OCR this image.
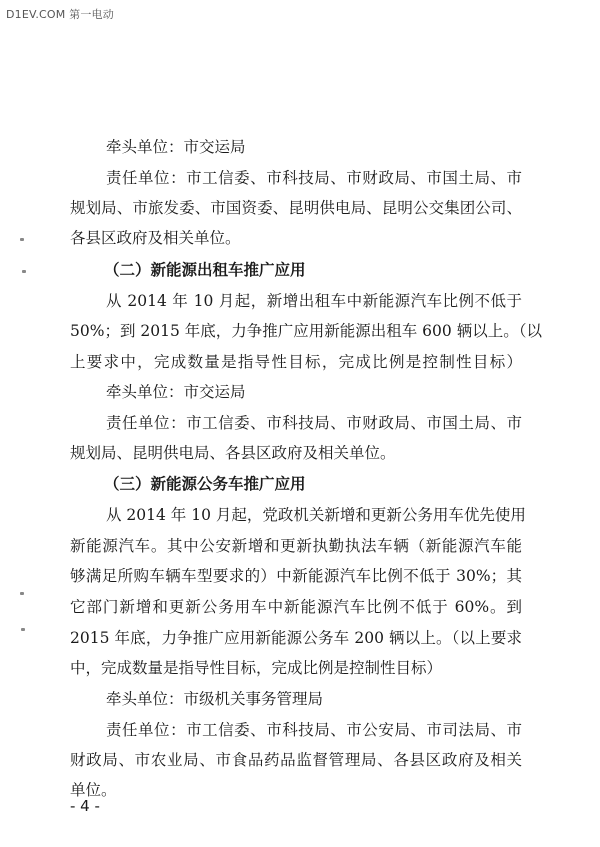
D1EV.COM 第一电动
牵头单位：市交运局
责任单位：市工信委、市科技局、市财政局、市国土局、市
规划局、市旅发委、市国资委、昆明供电局、昆明公交集团公司、
各县区政府及相关单位。
（二）新能源出租车推广应用
从 2014 年 10 月起，新增出租车中新能源汽车比例不低于
50%；到 2015 年底，力争推广应用新能源出租车 600 辆以上。（以
上要求中，完成数量是指导性目标，完成比例是控制性目标）
牵头单位：市交运局
责任单位：市工信委、市科技局、市财政局、市国土局、市
规划局、昆明供电局、各县区政府及相关单位。
（三）新能源公务车推广应用
从 2014 年 10 月起，党政机关新增和更新公务用车优先使用
新能源汽车。其中公安新增和更新执勤执法车辆（新能源汽车能
够满足所购车辆车型要求的）中新能源汽车比例不低于 30%；其
它部门新增和更新公务用车中新能源汽车比例不低于 60%。到
2015 年底，力争推广应用新能源公务车 200 辆以上。（以上要求
中，完成数量是指导性目标，完成比例是控制性目标）
牵头单位：市级机关事务管理局
责任单位：市工信委、市科技局、市公安局、市司法局、市
财政局、市农业局、市食品药品监督管理局、各县区政府及相关
单位。
- 4 -
